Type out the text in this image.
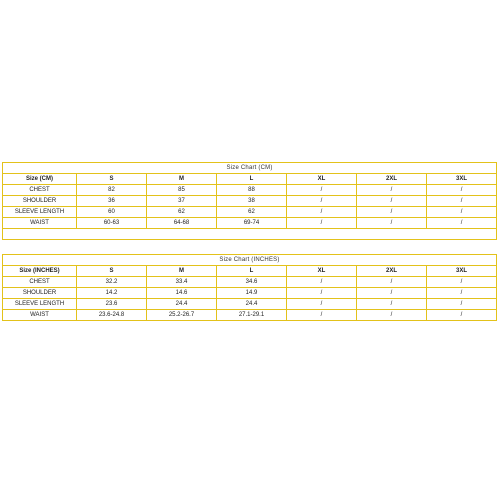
Size Chart (CM)						
Size (CM)	S	M	L	XL	2XL	3XL
CHEST	82	85	88	/	/	/
SHOULDER	36	37	38	/	/	/
SLEEVE LENGTH	60	62	62	/	/	/
WAIST	60-63	64-68	69-74	/	/	/

Size Chart (INCHES)						
Size (INCHES)	S	M	L	XL	2XL	3XL
CHEST	32.2	33.4	34.6	/	/	/
SHOULDER	14.2	14.6	14.9	/	/	/
SLEEVE LENGTH	23.6	24.4	24.4	/	/	/
WAIST	23.6-24.8	25.2-26.7	27.1-29.1	/	/	/
